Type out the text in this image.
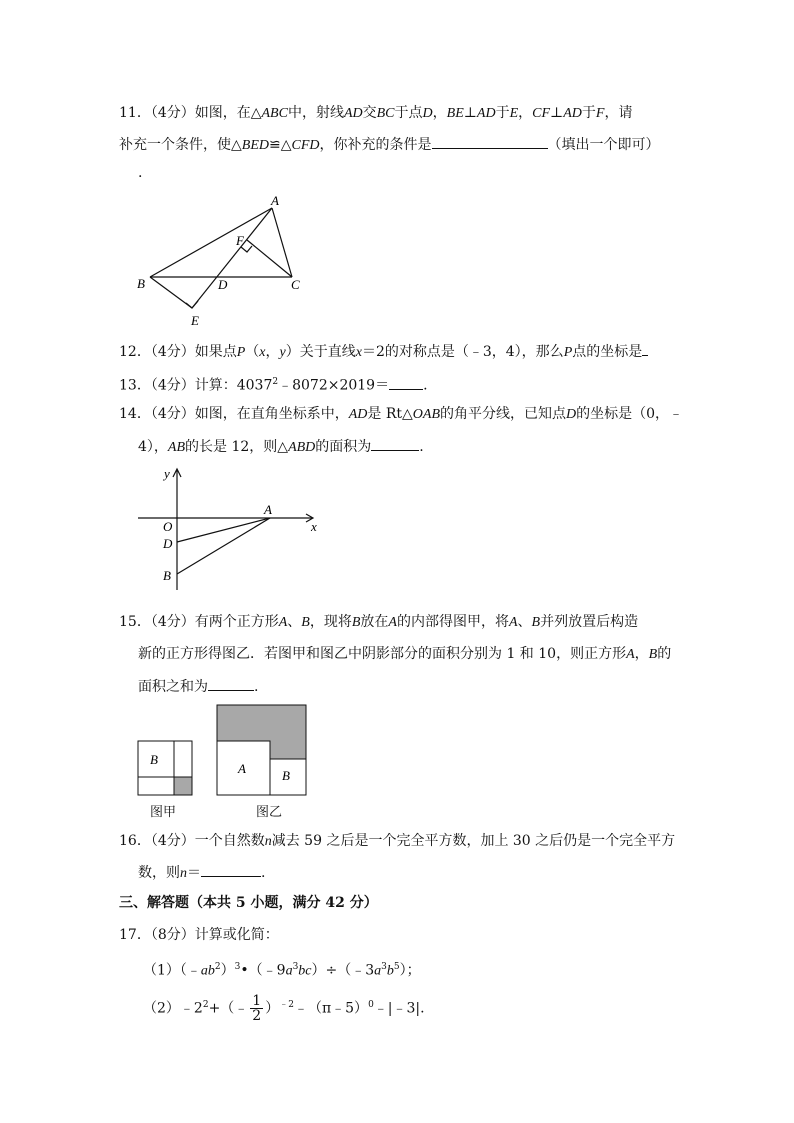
11．（4分）如图，在△ABC中，射线AD交BC于点D，BE⊥AD于E，CF⊥AD于F，请
补充一个条件，使△BED≌△CFD，你补充的条件是	（填出一个即可）
.
A
F
B	D	C
E
12．（4分）如果点P（x，y）关于直线x＝2的对称点是（﹣3，4），那么P点的坐标是
13．（4分）计算：$4037^2﹣8072\times 2019=$ .
14．（4分）如图，在直角坐标系中，AD是 Rt△OAB的角平分线，已知点D的坐标是（0，﹣
4），AB的长是 12，则△ABD的面积为	.
y
x
O
A
D
B
15．（4分）有两个正方形A、B，现将B放在A的内部得图甲，将A、B并列放置后构造
新的正方形得图乙．若图甲和图乙中阴影部分的面积分别为 1 和 10，则正方形A，B的
面积之和为	.
B
A	B
图甲	图乙
16．（4分）一个自然数n减去 59 之后是一个完全平方数，加上 30 之后仍是一个完全平方
数，则n＝	.
三、解答题（本共 5 小题，满分 42 分）
17．（8分）计算或化简：
$(1)(﹣ab^2)^3•(﹣9a^3bc)\div(﹣3a^3b^5)$；
$(2)﹣2^2+(﹣ \frac{1}{2}$ ）$^{﹣2}$﹣（π﹣5）$^0$﹣|﹣3|.
